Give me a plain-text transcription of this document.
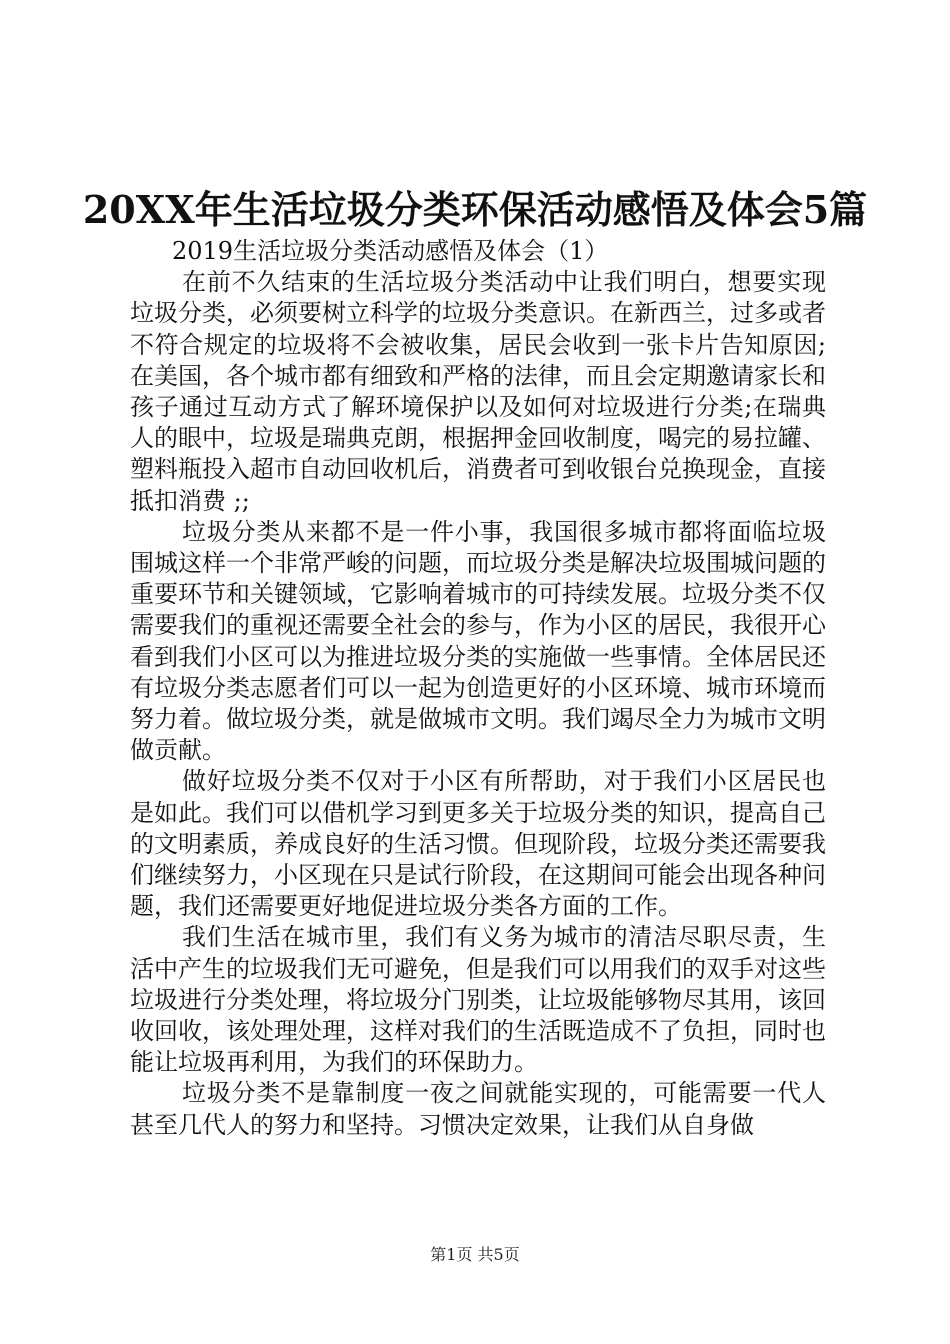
20XX年生活垃圾分类环保活动感悟及体会5篇

2019生活垃圾分类活动感悟及体会（1）

在前不久结束的生活垃圾分类活动中让我们明白，想要实现垃圾分类，必须要树立科学的垃圾分类意识。在新西兰，过多或者不符合规定的垃圾将不会被收集，居民会收到一张卡片告知原因;在美国，各个城市都有细致和严格的法律，而且会定期邀请家长和孩子通过互动方式了解环境保护以及如何对垃圾进行分类;在瑞典人的眼中，垃圾是瑞典克朗，根据押金回收制度，喝完的易拉罐、塑料瓶投入超市自动回收机后，消费者可到收银台兑换现金，直接抵扣消费 ;;

垃圾分类从来都不是一件小事，我国很多城市都将面临垃圾围城这样一个非常严峻的问题，而垃圾分类是解决垃圾围城问题的重要环节和关键领域，它影响着城市的可持续发展。垃圾分类不仅需要我们的重视还需要全社会的参与，作为小区的居民，我很开心看到我们小区可以为推进垃圾分类的实施做一些事情。全体居民还有垃圾分类志愿者们可以一起为创造更好的小区环境、城市环境而努力着。做垃圾分类，就是做城市文明。我们竭尽全力为城市文明做贡献。

做好垃圾分类不仅对于小区有所帮助，对于我们小区居民也是如此。我们可以借机学习到更多关于垃圾分类的知识，提高自己的文明素质，养成良好的生活习惯。但现阶段，垃圾分类还需要我们继续努力，小区现在只是试行阶段，在这期间可能会出现各种问题，我们还需要更好地促进垃圾分类各方面的工作。

我们生活在城市里，我们有义务为城市的清洁尽职尽责，生活中产生的垃圾我们无可避免，但是我们可以用我们的双手对这些垃圾进行分类处理，将垃圾分门别类，让垃圾能够物尽其用，该回收回收，该处理处理，这样对我们的生活既造成不了负担，同时也能让垃圾再利用，为我们的环保助力。

垃圾分类不是靠制度一夜之间就能实现的，可能需要一代人甚至几代人的努力和坚持。习惯决定效果，让我们从自身做

第1页 共5页
